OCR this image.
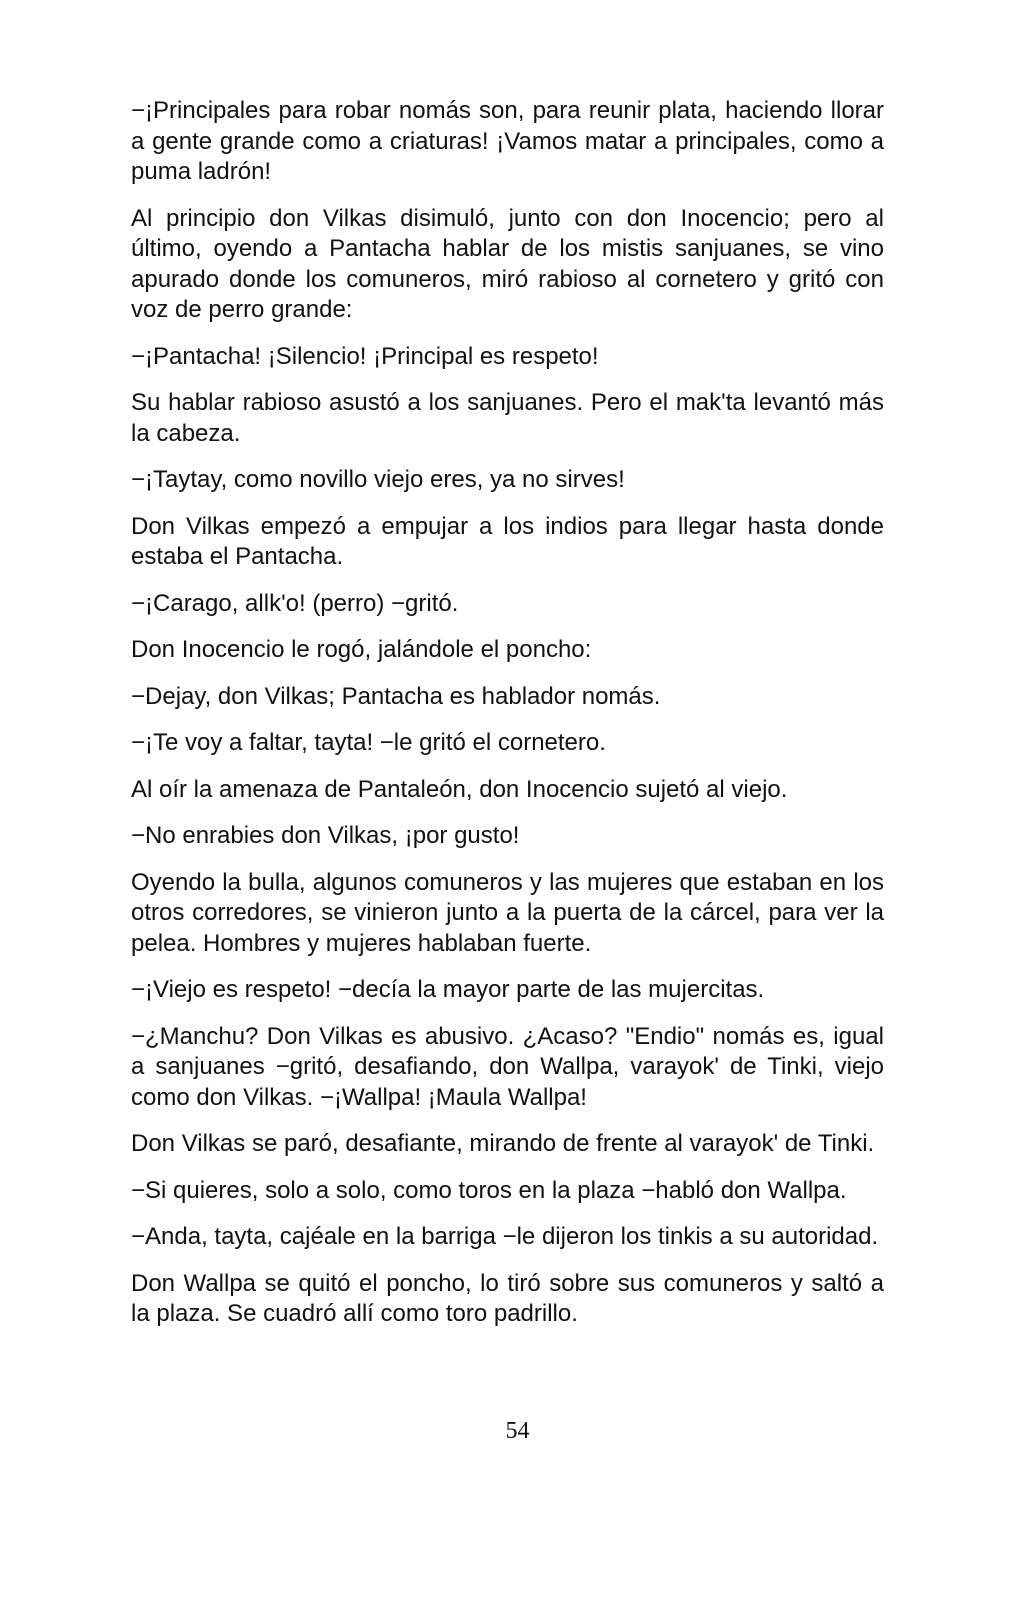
−¡Principales para robar nomás son, para reunir plata, haciendo llorar a gente grande como a criaturas! ¡Vamos matar a principales, como a puma ladrón!

Al principio don Vilkas disimuló, junto con don Inocencio; pero al último, oyendo a Pantacha hablar de los mistis sanjuanes, se vino apurado donde los comuneros, miró rabioso al cornetero y gritó con voz de perro grande:

−¡Pantacha! ¡Silencio! ¡Principal es respeto!

Su hablar rabioso asustó a los sanjuanes. Pero el mak'ta levantó más la cabeza.

−¡Taytay, como novillo viejo eres, ya no sirves!

Don Vilkas empezó a empujar a los indios para llegar hasta donde estaba el Pantacha.

−¡Carago, allk'o! (perro) −gritó.

Don Inocencio le rogó, jalándole el poncho:

−Dejay, don Vilkas; Pantacha es hablador nomás.

−¡Te voy a faltar, tayta! −le gritó el cornetero.

Al oír la amenaza de Pantaleón, don Inocencio sujetó al viejo.

−No enrabies don Vilkas, ¡por gusto!

Oyendo la bulla, algunos comuneros y las mujeres que estaban en los otros corredores, se vinieron junto a la puerta de la cárcel, para ver la pelea. Hombres y mujeres hablaban fuerte.

−¡Viejo es respeto! −decía la mayor parte de las mujercitas.

−¿Manchu? Don Vilkas es abusivo. ¿Acaso? "Endio" nomás es, igual a sanjuanes −gritó, desafiando, don Wallpa, varayok' de Tinki, viejo como don Vilkas. −¡Wallpa! ¡Maula Wallpa!

Don Vilkas se paró, desafiante, mirando de frente al varayok' de Tinki.

−Si quieres, solo a solo, como toros en la plaza −habló don Wallpa.

−Anda, tayta, cajéale en la barriga −le dijeron los tinkis a su autoridad.

Don Wallpa se quitó el poncho, lo tiró sobre sus comuneros y saltó a la plaza. Se cuadró allí como toro padrillo.

54
